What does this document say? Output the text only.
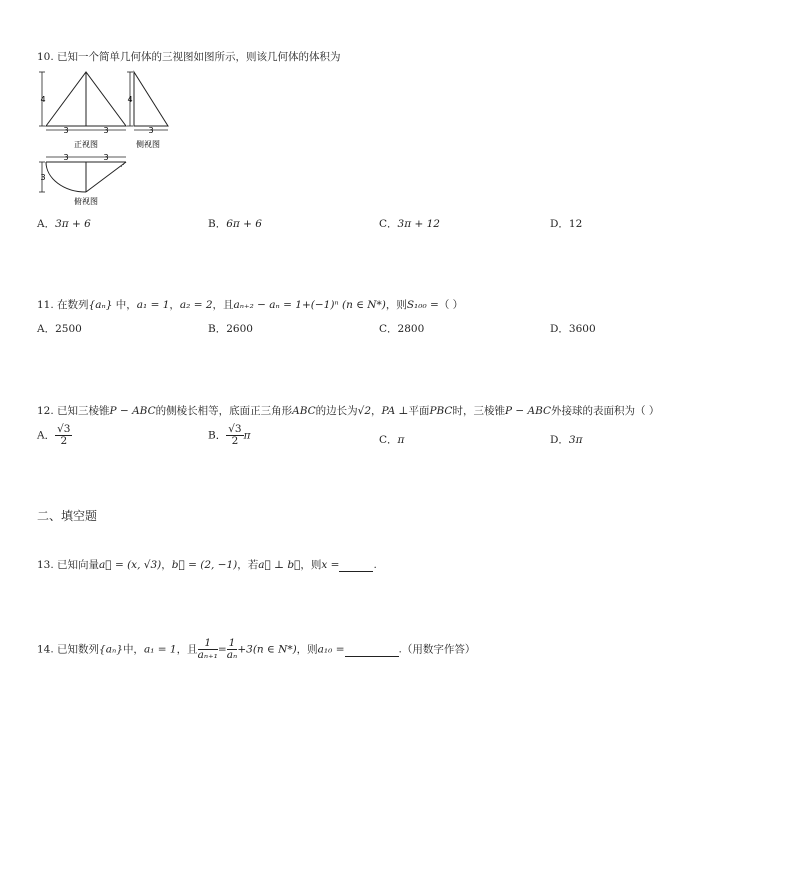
10. 已知一个简单几何体的三视图如图所示，则该几何体的体积为
4
3	3
正视图
4
3
侧视图
3	3
3
俯视图
A．3π + 6	B．6π + 6	C．3π + 12	D．12
11. 在数列{aₙ} 中，a₁ = 1，a₂ = 2，且aₙ₊₂ − aₙ = 1+(−1)ⁿ (n ∈ N*)，则S₁₀₀ =（ ）
A．2500	B．2600	C．2800	D．3600
12. 已知三棱锥P − ABC的侧棱长相等，底面正三角形ABC的边长为√2，PA ⊥平面PBC时，三棱锥P − ABC外接球的表面积为（ ）
A． $\frac{√3}{2}$	B． $\frac{√3}{2}$ π	C．π	D．3π
二、填空题
13. 已知向量a⃗ = (x, √3)，b⃗ = (2, −1)，若a⃗ ⊥ b⃗，则x =	.
14. 已知数列{aₙ}中，a₁ = 1，且 $\frac{1}{\text{aₙ₊₁}} = \frac{1}{\text{aₙ}} +3(n$ ∈ N*)，则a₁₀ =	.（用数字作答）
